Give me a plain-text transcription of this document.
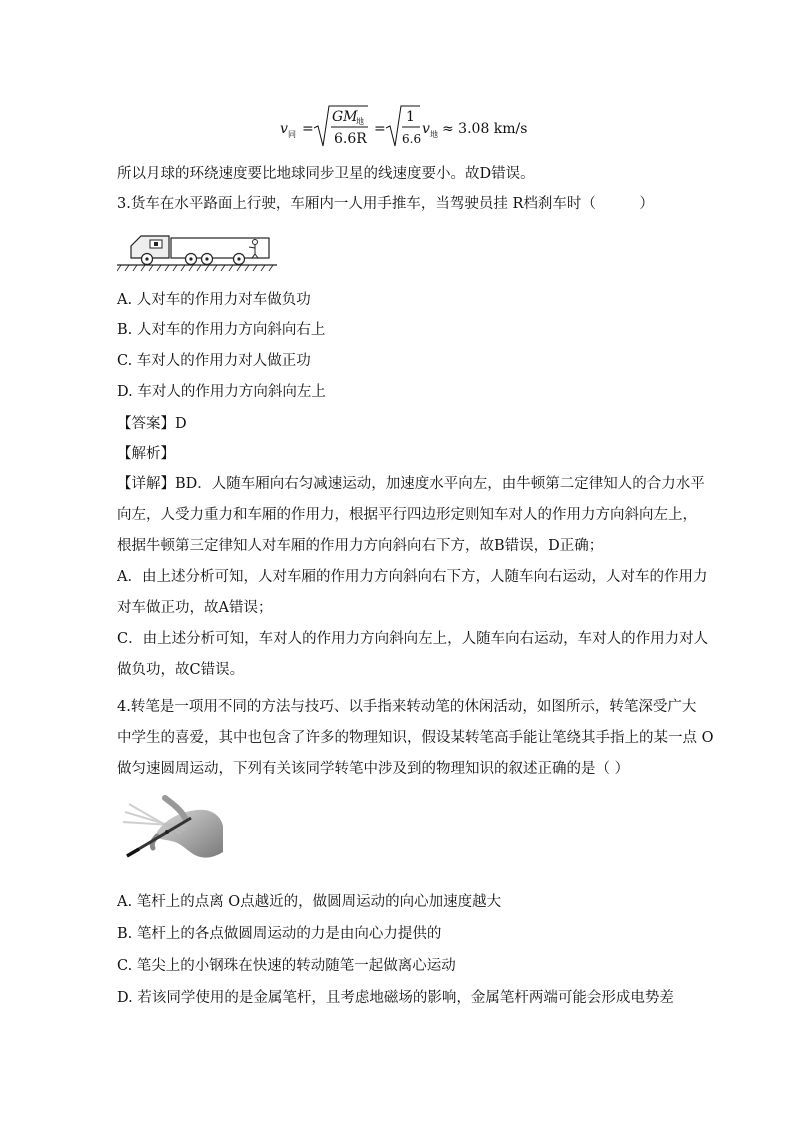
v 同 =
GM
地
6.6R
=
1
6.6
v 地 ≈ 3.08 km/s
所以月球的环绕速度要比地球同步卫星的线速度要小。故D错误。
3.货车在水平路面上行驶，车厢内一人用手推车，当驾驶员挂 R档刹车时（　　　）
A. 人对车的作用力对车做负功
B. 人对车的作用力方向斜向右上
C. 车对人的作用力对人做正功
D. 车对人的作用力方向斜向左上
【答案】D
【解析】
【详解】BD．人随车厢向右匀减速运动，加速度水平向左，由牛顿第二定律知人的合力水平
向左，人受力重力和车厢的作用力，根据平行四边形定则知车对人的作用力方向斜向左上，
根据牛顿第三定律知人对车厢的作用力方向斜向右下方，故B错误，D正确；
A．由上述分析可知，人对车厢的作用力方向斜向右下方，人随车向右运动，人对车的作用力
对车做正功，故A错误；
C．由上述分析可知，车对人的作用力方向斜向左上，人随车向右运动，车对人的作用力对人
做负功，故C错误。
4.转笔是一项用不同的方法与技巧、以手指来转动笔的休闲活动，如图所示，转笔深受广大
中学生的喜爱，其中也包含了许多的物理知识，假设某转笔高手能让笔绕其手指上的某一点 O
做匀速圆周运动，下列有关该同学转笔中涉及到的物理知识的叙述正确的是（ ）
A. 笔杆上的点离 O点越近的，做圆周运动的向心加速度越大
B. 笔杆上的各点做圆周运动的力是由向心力提供的
C. 笔尖上的小钢珠在快速的转动随笔一起做离心运动
D. 若该同学使用的是金属笔杆，且考虑地磁场的影响，金属笔杆两端可能会形成电势差
